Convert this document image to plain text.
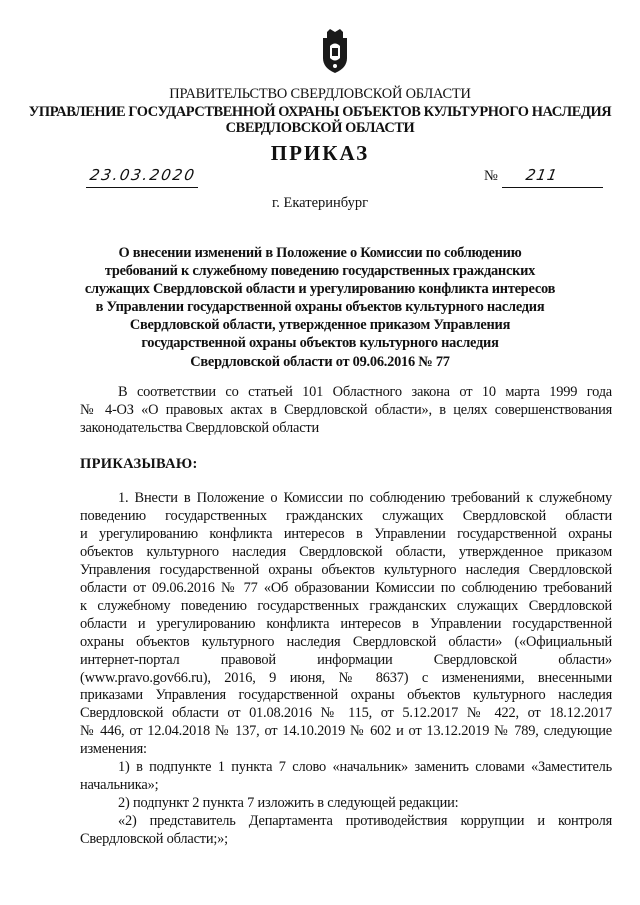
ПРАВИТЕЛЬСТВО СВЕРДЛОВСКОЙ ОБЛАСТИ
УПРАВЛЕНИЕ ГОСУДАРСТВЕННОЙ ОХРАНЫ ОБЪЕКТОВ КУЛЬТУРНОГО НАСЛЕДИЯ
СВЕРДЛОВСКОЙ ОБЛАСТИ
ПРИКАЗ
23.03.2020	№ 211
г. Екатеринбург
О внесении изменений в Положение о Комиссии по соблюдению
требований к служебному поведению государственных гражданских
служащих Свердловской области и урегулированию конфликта интересов
в Управлении государственной охраны объектов культурного наследия
Свердловской области, утвержденное приказом Управления
государственной охраны объектов культурного наследия
Свердловской области от 09.06.2016 № 77
В соответствии со статьей 101 Областного закона от 10 марта 1999 года
№ 4-ОЗ «О правовых актах в Свердловской области», в целях совершенствования
законодательства Свердловской области
ПРИКАЗЫВАЮ:
1. Внести в Положение о Комиссии по соблюдению требований к служебному
поведению государственных гражданских служащих Свердловской области
и урегулированию конфликта интересов в Управлении государственной охраны
объектов культурного наследия Свердловской области, утвержденное приказом
Управления государственной охраны объектов культурного наследия Свердловской
области от 09.06.2016 № 77 «Об образовании Комиссии по соблюдению требований
к служебному поведению государственных гражданских служащих Свердловской
области и урегулированию конфликта интересов в Управлении государственной
охраны объектов культурного наследия Свердловской области» («Официальный
интернет-портал правовой информации Свердловской области»
(www.pravo.gov66.ru), 2016, 9 июня, № 8637) с изменениями, внесенными
приказами Управления государственной охраны объектов культурного наследия
Свердловской области от 01.08.2016 № 115, от 5.12.2017 № 422, от 18.12.2017
№ 446, от 12.04.2018 № 137, от 14.10.2019 № 602 и от 13.12.2019 № 789, следующие
изменения:
1) в подпункте 1 пункта 7 слово «начальник» заменить словами «Заместитель
начальника»;
2) подпункт 2 пункта 7 изложить в следующей редакции:
«2) представитель Департамента противодействия коррупции и контроля
Свердловской области;»;
